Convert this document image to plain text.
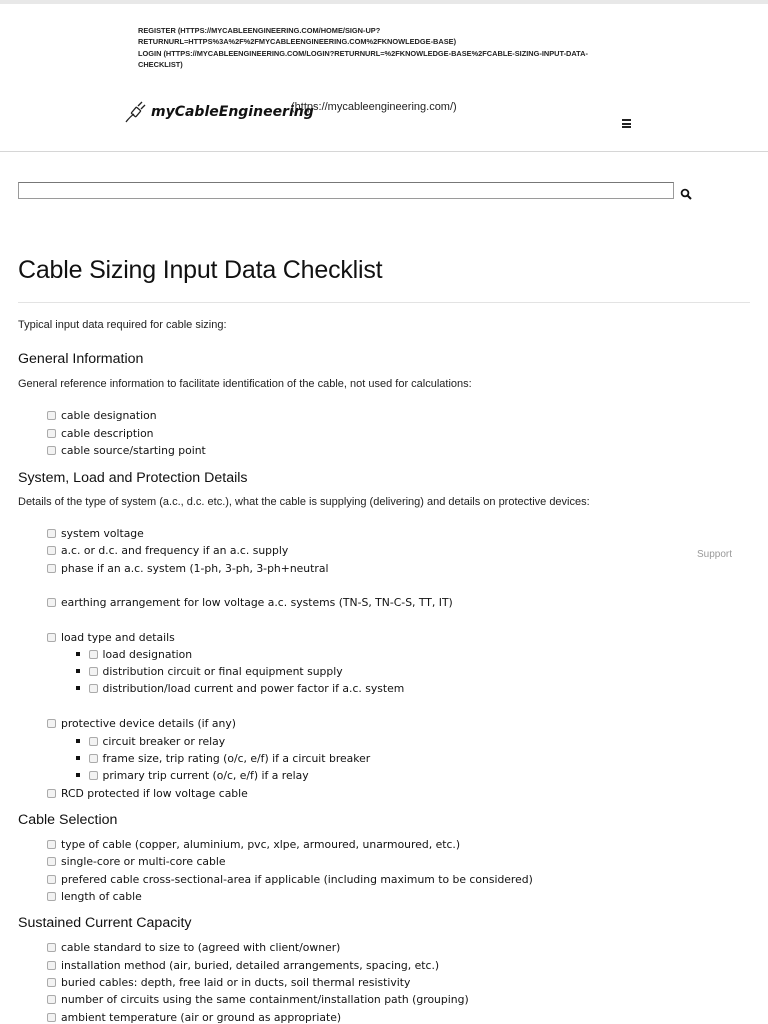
REGISTER (HTTPS://MYCABLEENGINEERING.COM/HOME/SIGN-UP?RETURNURL=HTTPS%3A%2F%2FMYCABLEENGINEERING.COM%2FKNOWLEDGE-BASE)
LOGIN (HTTPS://MYCABLEENGINEERING.COM/LOGIN?RETURNURL=%2FKNOWLEDGE-BASE%2FCABLE-SIZING-INPUT-DATA-CHECKLIST)
myCableEngineering
(https://mycableengineering.com/)
Cable Sizing Input Data Checklist
Typical input data required for cable sizing:
General Information

General reference information to facilitate identification of the cable, not used for calculations:

cable designation
cable description
cable source/starting point
System, Load and Protection Details

Details of the type of system (a.c., d.c. etc.), what the cable is supplying (delivering) and details on protective devices:

system voltage
a.c. or d.c. and frequency if an a.c. supply
phase if an a.c. system (1-ph, 3-ph, 3-ph+neutral
earthing arrangement for low voltage a.c. systems (TN-S, TN-C-S, TT, IT)
load type and details
load designation
distribution circuit or final equipment supply
distribution/load current and power factor if a.c. system
protective device details (if any)
circuit breaker or relay
frame size, trip rating (o/c, e/f) if a circuit breaker
primary trip current (o/c, e/f) if a relay
RCD protected if low voltage cable
Support
Cable Selection
type of cable (copper, aluminium, pvc, xlpe, armoured, unarmoured, etc.)
single-core or multi-core cable
prefered cable cross-sectional-area if applicable (including maximum to be considered)
length of cable
Sustained Current Capacity
cable standard to size to (agreed with client/owner)
installation method (air, buried, detailed arrangements, spacing, etc.)
buried cables: depth, free laid or in ducts, soil thermal resistivity
number of circuits using the same containment/installation path (grouping)
ambient temperature (air or ground as appropriate)
